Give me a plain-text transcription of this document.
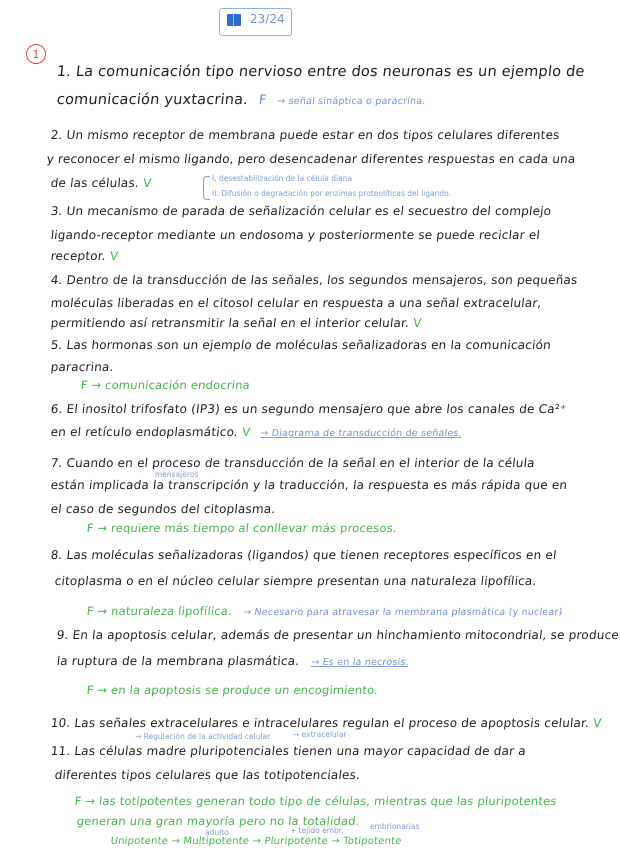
23/24
1
1. La comunicación tipo nervioso entre dos neuronas es un ejemplo de
comunicación yuxtacrina. F → señal sináptica o paracrina.
2. Un mismo receptor de membrana puede estar en dos tipos celulares diferentes
y reconocer el mismo ligando, pero desencadenar diferentes respuestas en cada una
de las células. V	I. desestabilización de la célula diana
II. Difusión o degradación por enzimas proteolíticas del ligando.
3. Un mecanismo de parada de señalización celular es el secuestro del complejo
ligando-receptor mediante un endosoma y posteriormente se puede reciclar el
receptor. V
4. Dentro de la transducción de las señales, los segundos mensajeros, son pequeñas
moléculas liberadas en el citosol celular en respuesta a una señal extracelular,
permitiendo así retransmitir la señal en el interior celular. V
5. Las hormonas son un ejemplo de moléculas señalizadoras en la comunicación
paracrina.
F → comunicación endocrina
6. El inositol trifosfato (IP3) es un segundo mensajero que abre los canales de Ca²⁺
en el retículo endoplasmático. V → Diagrama de transducción de señales.
7. Cuando en el proceso de transducción de la señal en el interior de la célula
mensajeros
están implicada la transcripción y la traducción, la respuesta es más rápida que en
el caso de segundos del citoplasma.
F → requiere más tiempo al conllevar más procesos.
8. Las moléculas señalizadoras (ligandos) que tienen receptores específicos en el
citoplasma o en el núcleo celular siempre presentan una naturaleza lipofílica.
F → naturaleza lipofílica. → Necesario para atravesar la membrana plasmática (y nuclear)
9. En la apoptosis celular, además de presentar un hinchamiento mitocondrial, se produce
la ruptura de la membrana plasmática. → Es en la necrosis.
F → en la apoptosis se produce un encogimiento.
10. Las señales extracelulares e intracelulares regulan el proceso de apoptosis celular. V
→ Regulación de la actividad celular	→ extracelular
11. Las células madre pluripotenciales tienen una mayor capacidad de dar a
diferentes tipos celulares que las totipotenciales.
F → las totipotentes generan todo tipo de células, mientras que las pluripotentes
generan una gran mayoría pero no la totalidad.
adulto	+ tejido embr.	embrionarias
Unipotente → Multipotente → Pluripotente → Totipotente
